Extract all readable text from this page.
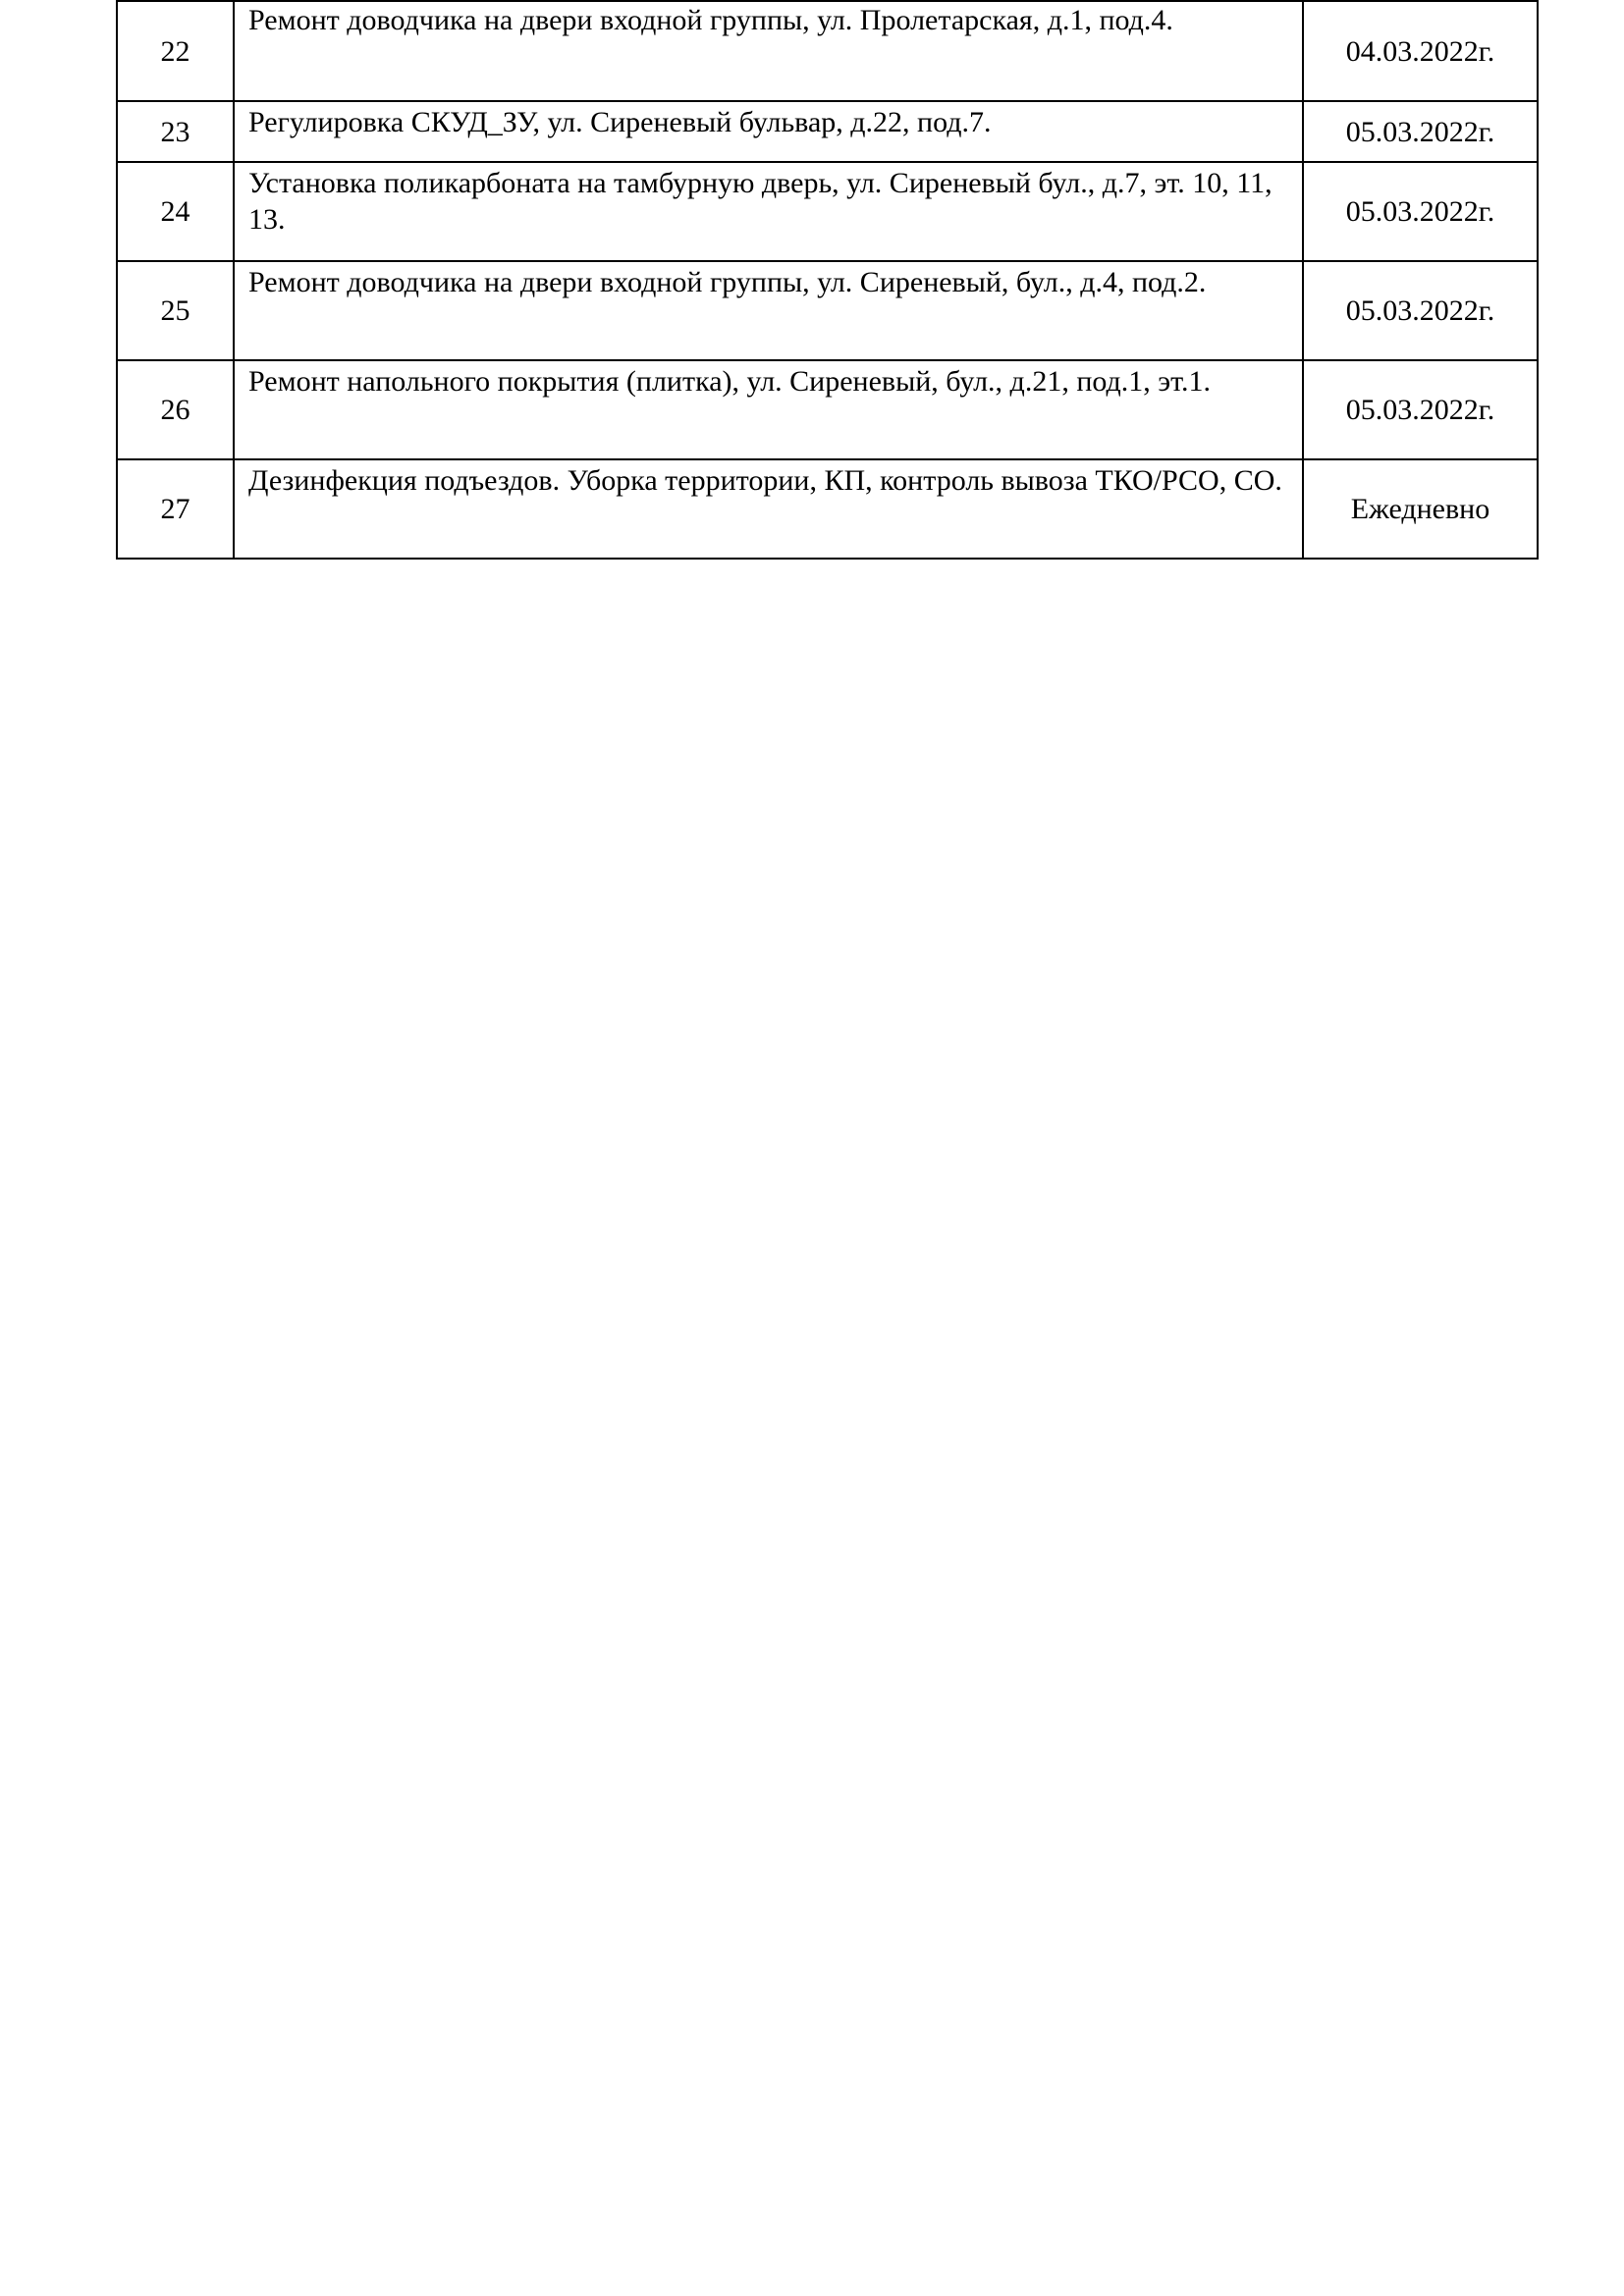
22	Ремонт доводчика на двери входной группы, ул. Пролетарская, д.1, под.4.	04.03.2022г.
23	Регулировка СКУД_ЗУ, ул. Сиреневый бульвар, д.22, под.7.	05.03.2022г.
24	Установка поликарбоната на тамбурную дверь, ул. Сиреневый бул., д.7, эт. 10, 11, 13.	05.03.2022г.
25	Ремонт доводчика на двери входной группы, ул. Сиреневый, бул., д.4, под.2.	05.03.2022г.
26	Ремонт напольного покрытия (плитка), ул. Сиреневый, бул., д.21, под.1, эт.1.	05.03.2022г.
27	Дезинфекция подъездов. Уборка территории, КП, контроль вывоза ТКО/РСО, СО.	Ежедневно
